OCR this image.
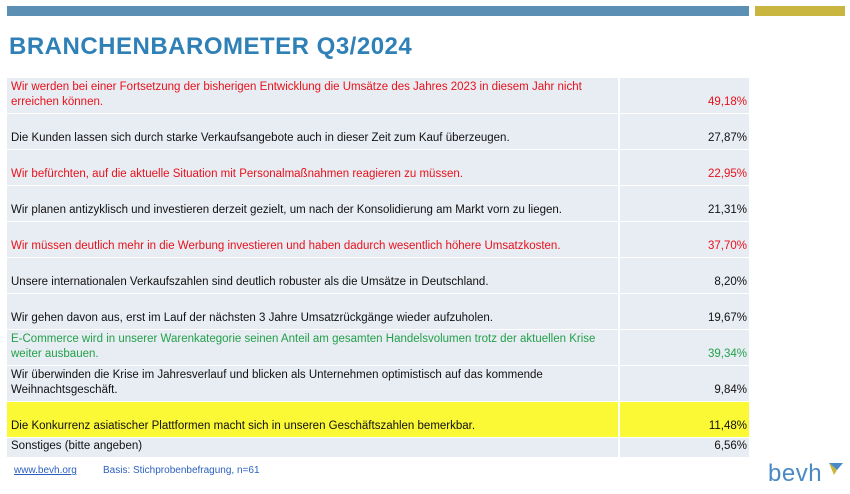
BRANCHENBAROMETER Q3/2024
Wir werden bei einer Fortsetzung der bisherigen Entwicklung die Umsätze des Jahres 2023 in diesem Jahr nicht erreichen können.	49,18%
Die Kunden lassen sich durch starke Verkaufsangebote auch in dieser Zeit zum Kauf überzeugen.	27,87%
Wir befürchten, auf die aktuelle Situation mit Personalmaßnahmen reagieren zu müssen.	22,95%
Wir planen antizyklisch und investieren derzeit gezielt, um nach der Konsolidierung am Markt vorn zu liegen.	21,31%
Wir müssen deutlich mehr in die Werbung investieren und haben dadurch wesentlich höhere Umsatzkosten.	37,70%
Unsere internationalen Verkaufszahlen sind deutlich robuster als die Umsätze in Deutschland.	8,20%
Wir gehen davon aus, erst im Lauf der nächsten 3 Jahre Umsatzrückgänge wieder aufzuholen.	19,67%
E-Commerce wird in unserer Warenkategorie seinen Anteil am gesamten Handelsvolumen trotz der aktuellen Krise weiter ausbauen.	39,34%
Wir überwinden die Krise im Jahresverlauf und blicken als Unternehmen optimistisch auf das kommende Weihnachtsgeschäft.	9,84%
Die Konkurrenz asiatischer Plattformen macht sich in unseren Geschäftszahlen bemerkbar.	11,48%
Sonstiges (bitte angeben)	6,56%
www.bevh.org	Basis: Stichprobenbefragung, n=61	bevh
